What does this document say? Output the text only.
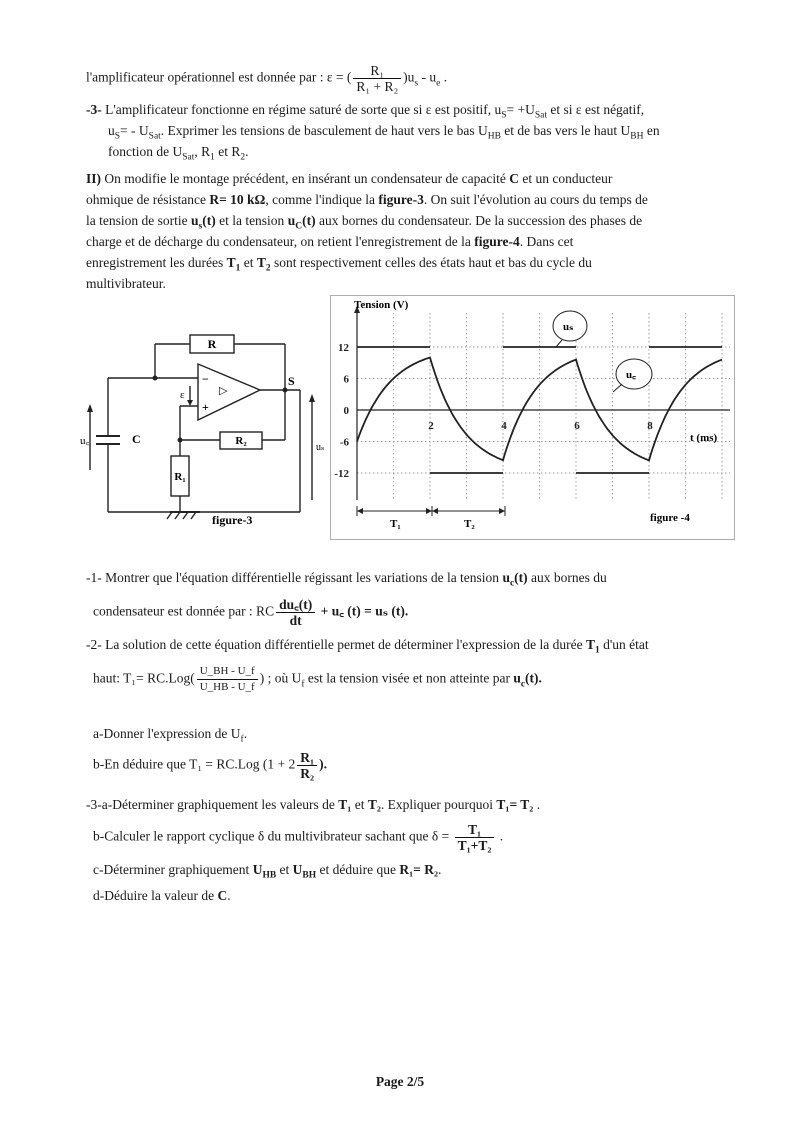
l'amplificateur opérationnel est donnée par : ε = ( $\frac{\text{R₁}}{\text{R₁ + R₂}} )u_s - u_e$ .
-3- L'amplificateur fonctionne en régime saturé de sorte que si ε est positif, $u_S= +U_{Sat}$ et si ε est négatif,
$u_S= - U_{Sat}$. Exprimer les tensions de basculement de haut vers le bas $U_{HB}$ et de bas vers le haut $U_{BH}$ en
fonction de $U_{Sat}$, $R_1$ et $R_2$.
II) On modifie le montage précédent, en insérant un condensateur de capacité C et un conducteur
ohmique de résistance R= 10 kΩ, comme l'indique la figure-3. On suit l'évolution au cours du temps de
la tension de sortie $u_s(t)$ et la tension $u_C(t)$ aux bornes du condensateur. De la succession des phases de
charge et de décharge du condensateur, on retient l'enregistrement de la figure-4. Dans cet
enregistrement les durées $T_1$ et $T_2$ sont respectivement celles des états haut et bas du cycle du
multivibrateur.
R
R₂
R₁
C
u꜀
uₛ
S
ε
−
+
▷
figure-3
12
6
0
-6
-12
2	4	6	8
Tension (V)
t (ms)
uₛ
u꜀
T₁	T₂	figure -4
-1- Montrer que l'équation différentielle régissant les variations de la tension $u_c(t)$ aux bornes du
condensateur est donnée par : RC $\frac{du꜀(t)}{dt}$ + u꜀ (t) = uₛ (t).
-2- La solution de cette équation différentielle permet de déterminer l'expression de la durée $T_1$ d'un état
haut: $T_1= RC.Log( \frac{U\_BH - U\_f}{U\_HB - U\_f}$ ) ; où $U_f$ est la tension visée et non atteinte par $u_c(t)$.
a-Donner l'expression de $U_f$.
b-En déduire que T₁ = RC.Log ($1 + 2 \frac{\text{R₁}}{\text{R₂}}$ ).
-3-a-Déterminer graphiquement les valeurs de T₁ et T₂. Expliquer pourquoi T₁= T₂ .
b-Calculer le rapport cyclique δ du multivibrateur sachant que $\delta = \frac{\text{T₁}}{\text{T₁+T₂}}$ .
c-Déterminer graphiquement $U_{HB}$ et $U_{BH}$ et déduire que R₁= R₂.
d-Déduire la valeur de C.
Page 2/5
